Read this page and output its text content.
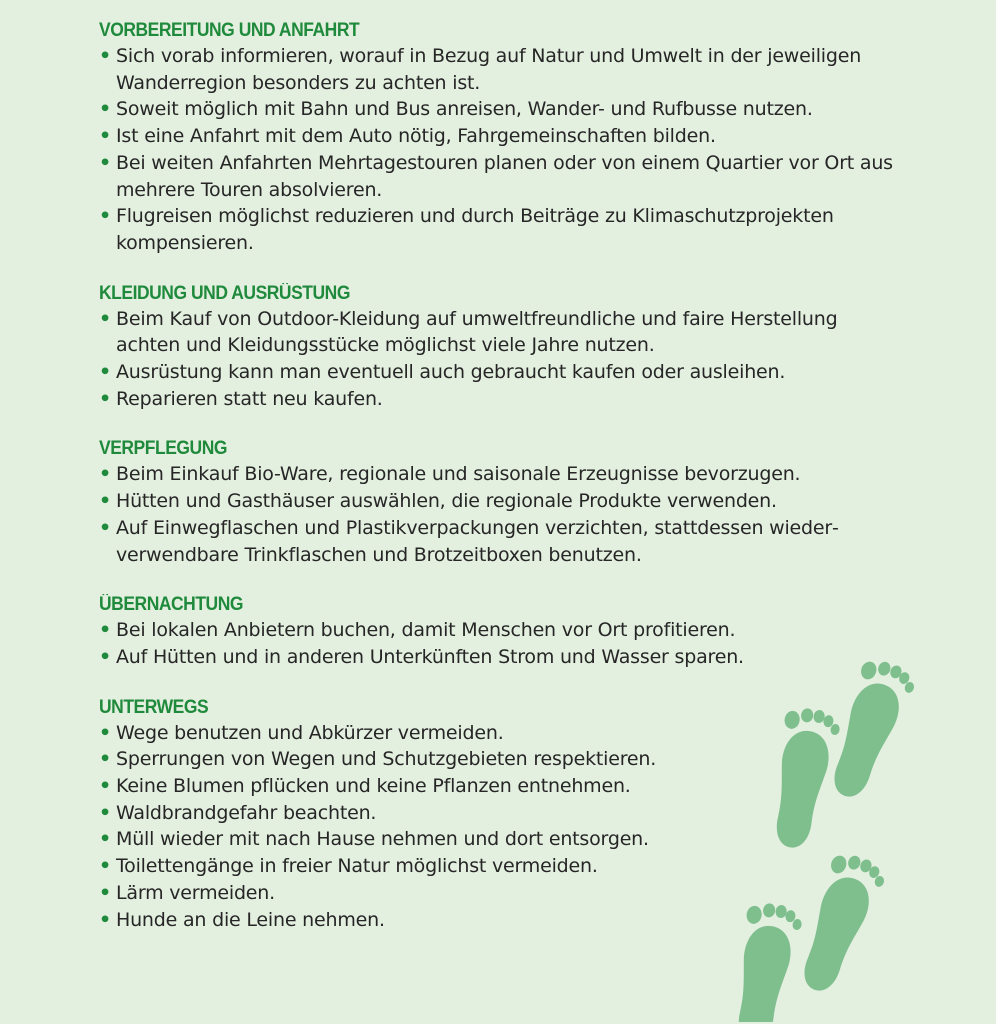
VORBEREITUNG UND ANFAHRT
• Sich vorab informieren, worauf in Bezug auf Natur und Umwelt in der jeweiligen Wanderregion besonders zu achten ist.
• Soweit möglich mit Bahn und Bus anreisen, Wander- und Rufbusse nutzen.
• Ist eine Anfahrt mit dem Auto nötig, Fahrgemeinschaften bilden.
• Bei weiten Anfahrten Mehrtagestouren planen oder von einem Quartier vor Ort aus mehrere Touren absolvieren.
• Flugreisen möglichst reduzieren und durch Beiträge zu Klimaschutzprojekten kompensieren.
KLEIDUNG UND AUSRÜSTUNG
• Beim Kauf von Outdoor-Kleidung auf umweltfreundliche und faire Herstellung achten und Kleidungsstücke möglichst viele Jahre nutzen.
• Ausrüstung kann man eventuell auch gebraucht kaufen oder ausleihen.
• Reparieren statt neu kaufen.
VERPFLEGUNG
• Beim Einkauf Bio-Ware, regionale und saisonale Erzeugnisse bevorzugen.
• Hütten und Gasthäuser auswählen, die regionale Produkte verwenden.
• Auf Einwegflaschen und Plastikverpackungen verzichten, stattdessen wiederverwendbare Trinkflaschen und Brotzeitboxen benutzen.
ÜBERNACHTUNG
• Bei lokalen Anbietern buchen, damit Menschen vor Ort profitieren.
• Auf Hütten und in anderen Unterkünften Strom und Wasser sparen.
UNTERWEGS
• Wege benutzen und Abkürzer vermeiden.
• Sperrungen von Wegen und Schutzgebieten respektieren.
• Keine Blumen pflücken und keine Pflanzen entnehmen.
• Waldbrandgefahr beachten.
• Müll wieder mit nach Hause nehmen und dort entsorgen.
• Toilettengänge in freier Natur möglichst vermeiden.
• Lärm vermeiden.
• Hunde an die Leine nehmen.
